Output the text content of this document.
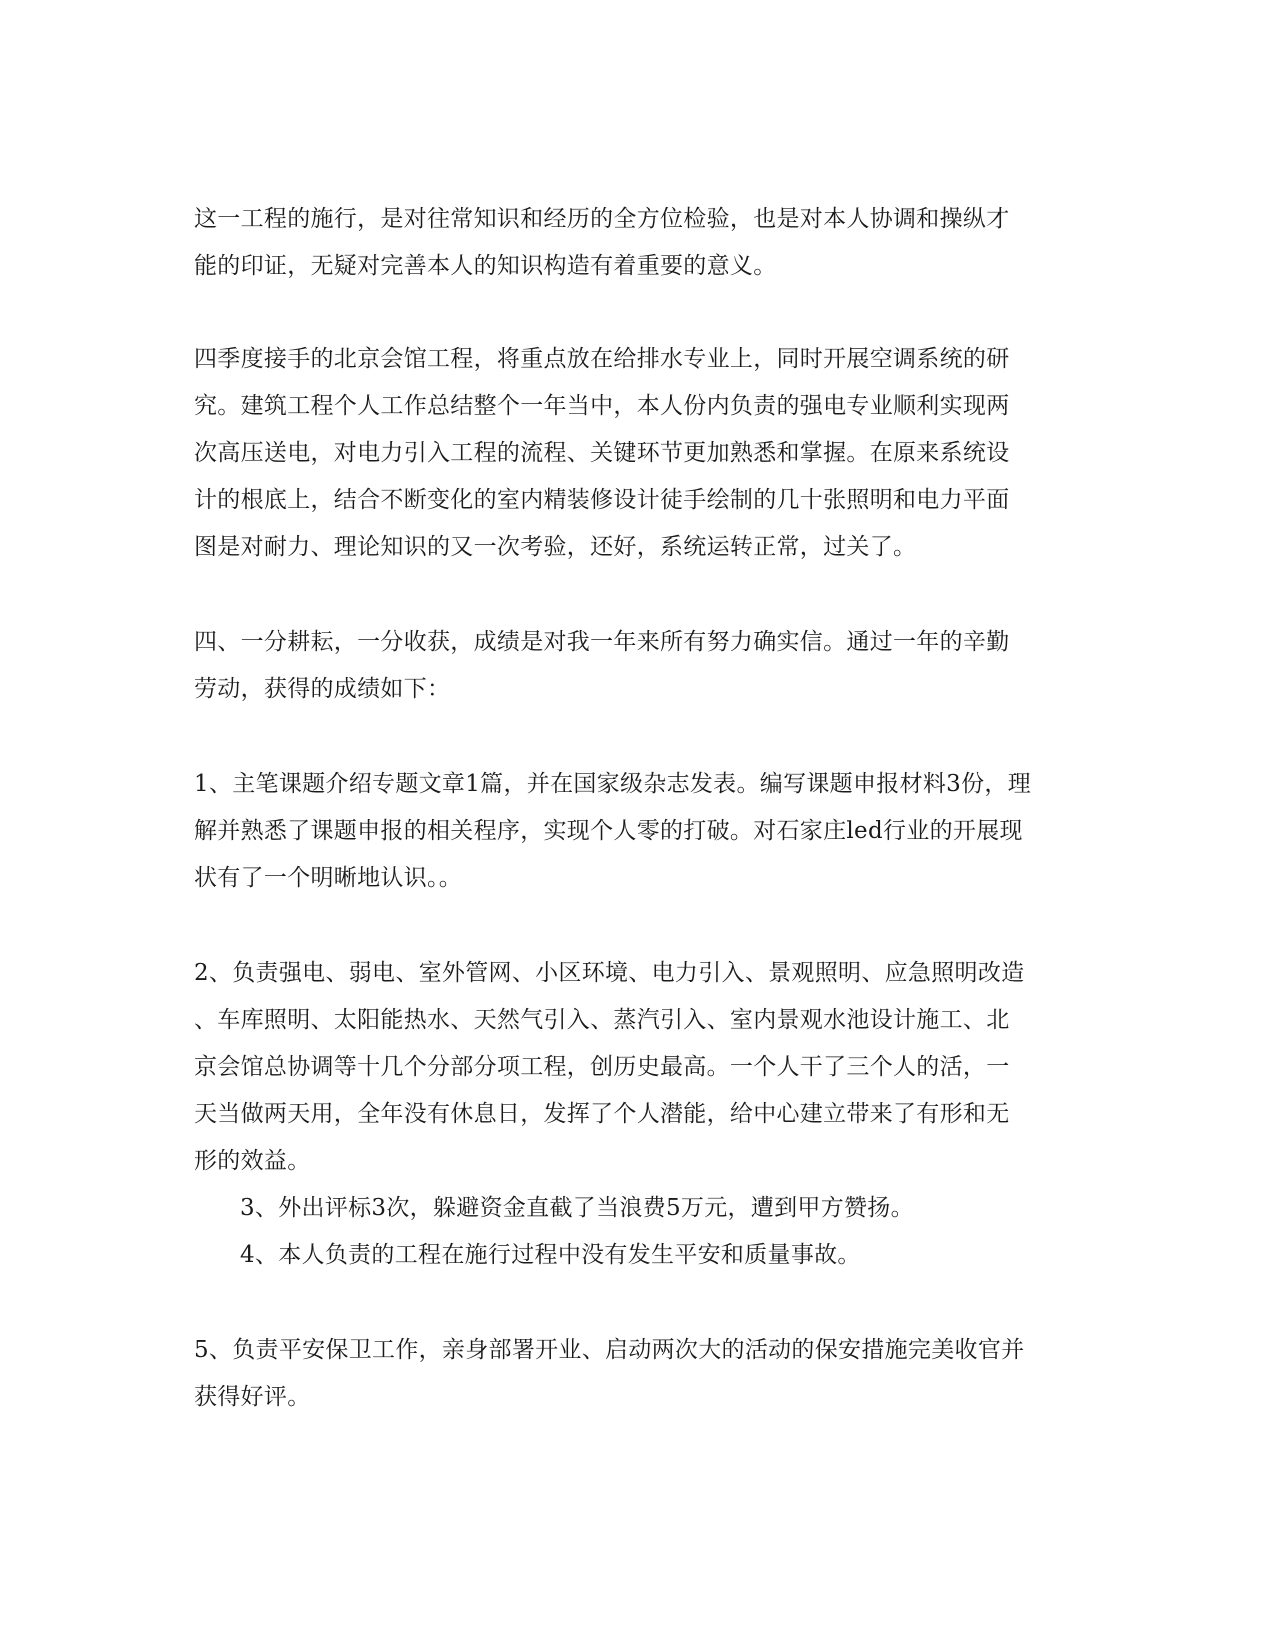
这一工程的施行，是对往常知识和经历的全方位检验，也是对本人协调和操纵才
能的印证，无疑对完善本人的知识构造有着重要的意义。
四季度接手的北京会馆工程，将重点放在给排水专业上，同时开展空调系统的研
究。建筑工程个人工作总结整个一年当中，本人份内负责的强电专业顺利实现两
次高压送电，对电力引入工程的流程、关键环节更加熟悉和掌握。在原来系统设
计的根底上，结合不断变化的室内精装修设计徒手绘制的几十张照明和电力平面
图是对耐力、理论知识的又一次考验，还好，系统运转正常，过关了。
四、一分耕耘，一分收获，成绩是对我一年来所有努力确实信。通过一年的辛勤
劳动，获得的成绩如下：
1、主笔课题介绍专题文章1篇，并在国家级杂志发表。编写课题申报材料3份，理
解并熟悉了课题申报的相关程序，实现个人零的打破。对石家庄led行业的开展现
状有了一个明晰地认识。。
2、负责强电、弱电、室外管网、小区环境、电力引入、景观照明、应急照明改造
、车库照明、太阳能热水、天然气引入、蒸汽引入、室内景观水池设计施工、北
京会馆总协调等十几个分部分项工程，创历史最高。一个人干了三个人的活，一
天当做两天用，全年没有休息日，发挥了个人潜能，给中心建立带来了有形和无
形的效益。
3、外出评标3次，躲避资金直截了当浪费5万元，遭到甲方赞扬。
4、本人负责的工程在施行过程中没有发生平安和质量事故。
5、负责平安保卫工作，亲身部署开业、启动两次大的活动的保安措施完美收官并
获得好评。
